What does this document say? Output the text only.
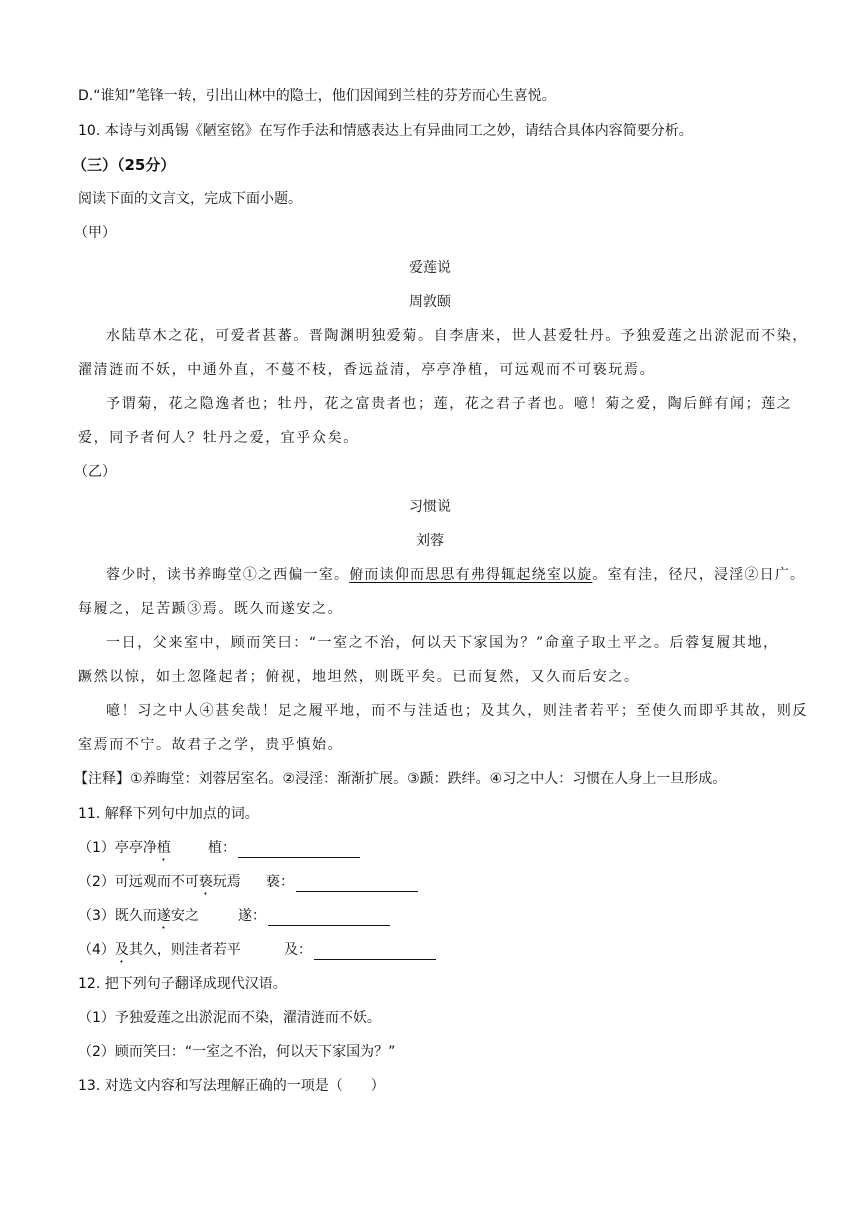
D.“谁知”笔锋一转，引出山林中的隐士，他们因闻到兰桂的芬芳而心生喜悦。
10. 本诗与刘禹锡《陋室铭》在写作手法和情感表达上有异曲同工之妙，请结合具体内容简要分析。
（三）（25分）
阅读下面的文言文，完成下面小题。
（甲）
爱莲说
周敦颐
水陆草木之花，可爱者甚蕃。晋陶渊明独爱菊。自李唐来，世人甚爱牡丹。予独爱莲之出淤泥而不染，
濯清涟而不妖，中通外直，不蔓不枝，香远益清，亭亭净植，可远观而不可亵玩焉。
予谓菊，花之隐逸者也；牡丹，花之富贵者也；莲，花之君子者也。噫！菊之爱，陶后鲜有闻；莲之
爱，同予者何人？牡丹之爱，宜乎众矣。
（乙）
习惯说
刘蓉
蓉少时，读书养晦堂①之西偏一室。俯而读仰而思思有弗得辄起绕室以旋。室有洼，径尺，浸淫②日广。
每履之，足苦踬③焉。既久而遂安之。
一日，父来室中，顾而笑曰：“一室之不治，何以天下家国为？”命童子取土平之。后蓉复履其地，
蹶然以惊，如土忽隆起者；俯视，地坦然，则既平矣。已而复然，又久而后安之。
噫！习之中人④甚矣哉！足之履平地，而不与洼适也；及其久，则洼者若平；至使久而即乎其故，则反
室焉而不宁。故君子之学，贵乎慎始。
【注释】①养晦堂：刘蓉居室名。②浸淫：渐渐扩展。③踬：跌绊。④习之中人：习惯在人身上一旦形成。
11. 解释下列句中加点的词。
（1）亭亭净植	植：
（2）可远观而不可亵玩焉 亵：
（3）既久而遂安之	遂：
（4）及其久，则洼者若平	及：
12. 把下列句子翻译成现代汉语。
（1）予独爱莲之出淤泥而不染，濯清涟而不妖。
（2）顾而笑曰：“一室之不治，何以天下家国为？”
13. 对选文内容和写法理解正确的一项是（　　）
